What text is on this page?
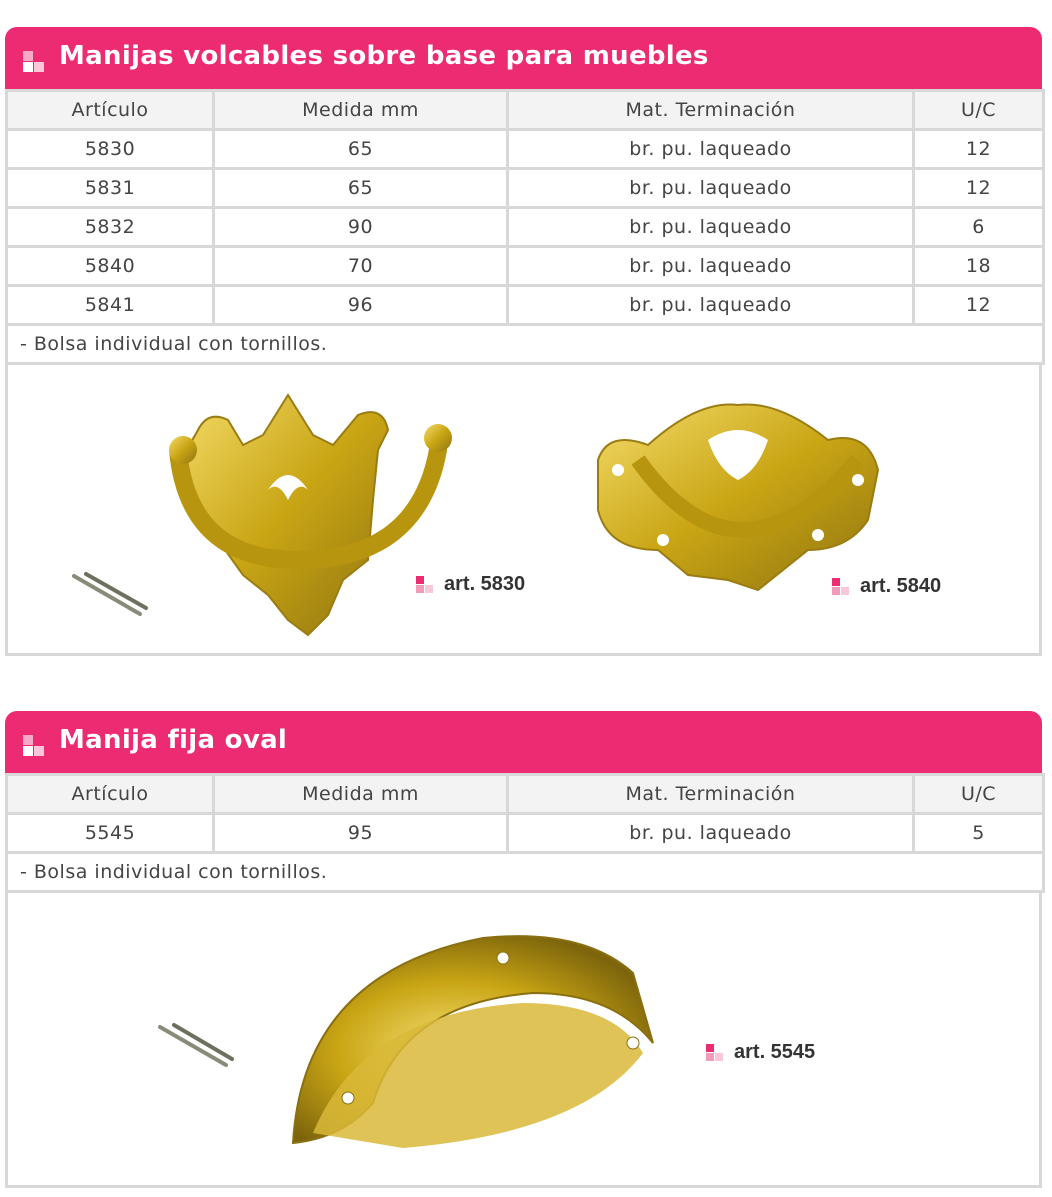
Manijas volcables sobre base para muebles
Artículo	Medida mm	Mat. Terminación	U/C
5830	65	br. pu. laqueado	12
5831	65	br. pu. laqueado	12
5832	90	br. pu. laqueado	6
5840	70	br. pu. laqueado	18
5841	96	br. pu. laqueado	12
- Bolsa individual con tornillos.			
art. 5830	art. 5840
Manija fija oval
Artículo	Medida mm	Mat. Terminación	U/C
5545	95	br. pu. laqueado	5
- Bolsa individual con tornillos.			
art. 5545
